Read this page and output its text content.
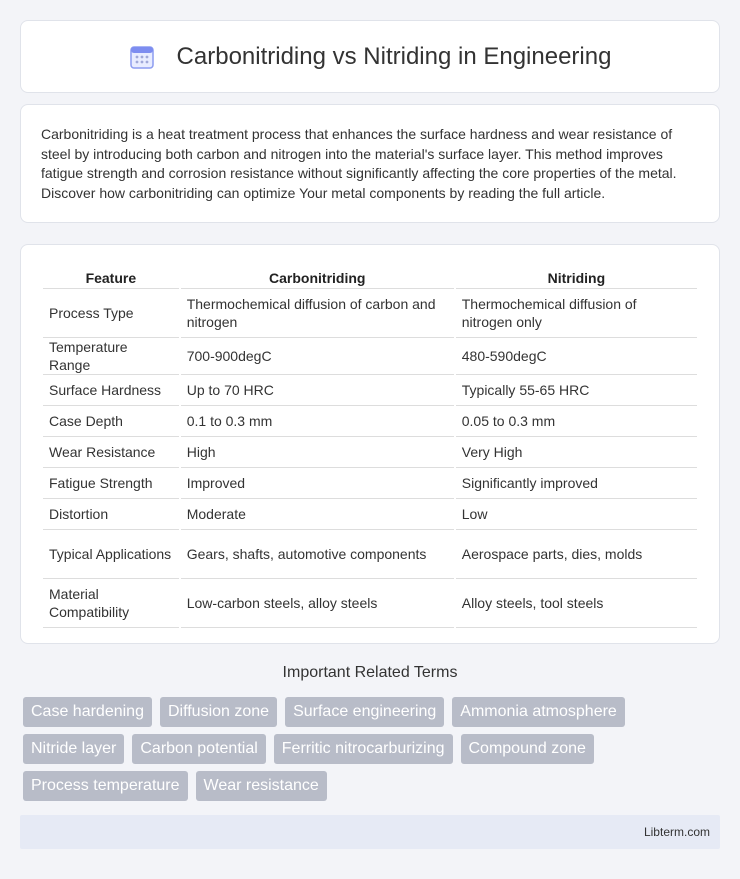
Carbonitriding vs Nitriding in Engineering

Carbonitriding is a heat treatment process that enhances the surface hardness and wear resistance of steel by introducing both carbon and nitrogen into the material's surface layer. This method improves fatigue strength and corrosion resistance without significantly affecting the core properties of the metal. Discover how carbonitriding can optimize Your metal components by reading the full article.

Feature	Carbonitriding	Nitriding
Process Type	Thermochemical diffusion of carbon and nitrogen	Thermochemical diffusion of nitrogen only
Temperature Range	700-900degC	480-590degC
Surface Hardness	Up to 70 HRC	Typically 55-65 HRC
Case Depth	0.1 to 0.3 mm	0.05 to 0.3 mm
Wear Resistance	High	Very High
Fatigue Strength	Improved	Significantly improved
Distortion	Moderate	Low
Typical Applications	Gears, shafts, automotive components	Aerospace parts, dies, molds
Material Compatibility	Low-carbon steels, alloy steels	Alloy steels, tool steels
Important Related Terms
Case hardening	Diffusion zone	Surface engineering	Ammonia atmosphere
Nitride layer	Carbon potential	Ferritic nitrocarburizing	Compound zone
Process temperature	Wear resistance
Libterm.com
